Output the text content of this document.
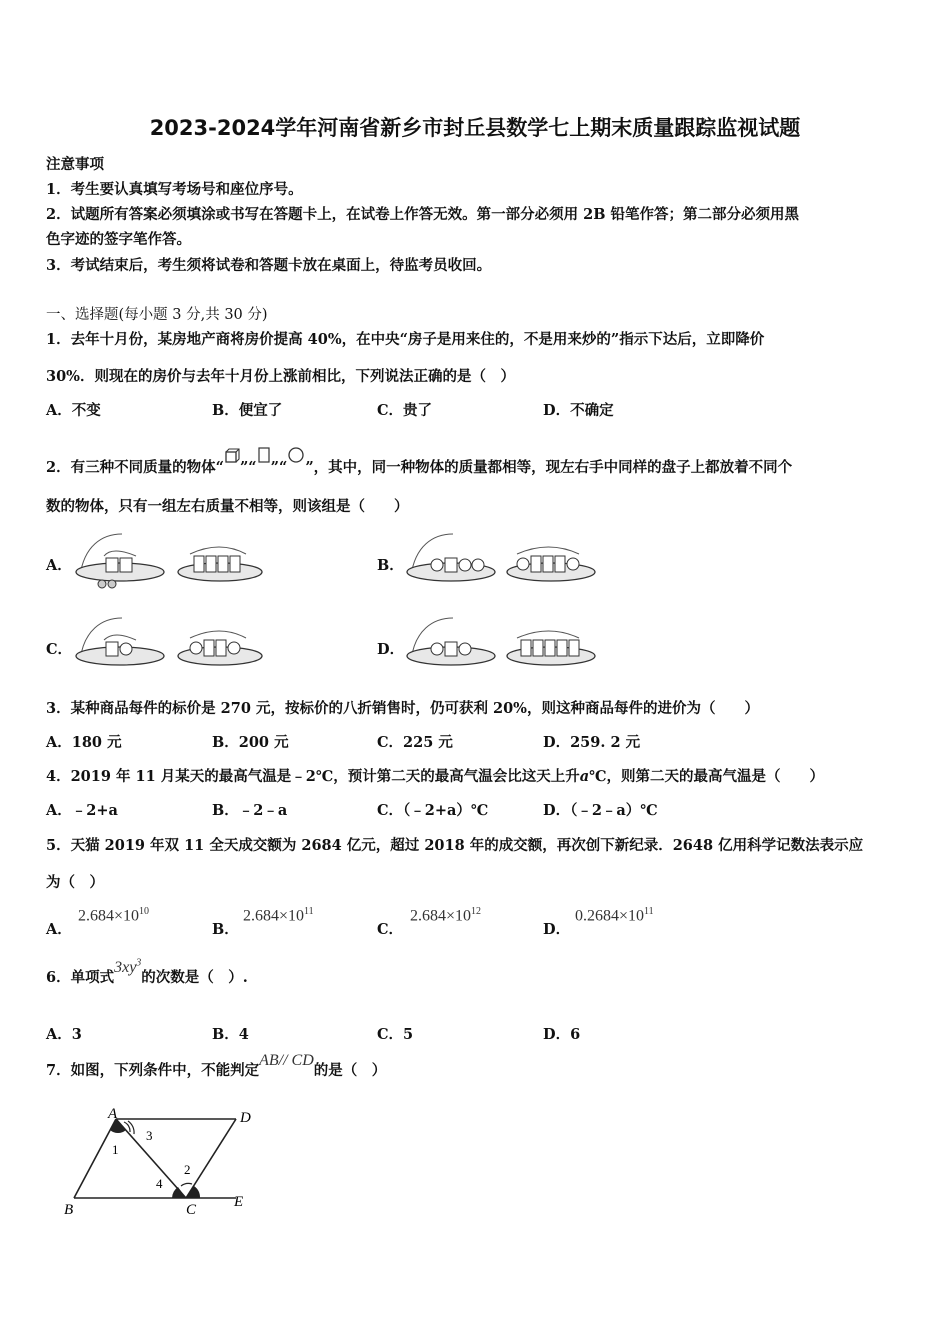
2023-2024学年河南省新乡市封丘县数学七上期末质量跟踪监视试题
注意事项
1．考生要认真填写考场号和座位序号。
2．试题所有答案必须填涂或书写在答题卡上，在试卷上作答无效。第一部分必须用 2B 铅笔作答；第二部分必须用黑
色字迹的签字笔作答。
3．考试结束后，考生须将试卷和答题卡放在桌面上，待监考员收回。
一、选择题(每小题 3 分,共 30 分)
1．去年十月份，某房地产商将房价提高 40%，在中央“房子是用来住的，不是用来炒的”指示下达后，立即降价
30%．则现在的房价与去年十月份上涨前相比，下列说法正确的是（　）
A．不变	B．便宜了	C．贵了	D．不确定
2．有三种不同质量的物体“ ”“ ”“ ”，其中，同一种物体的质量都相等，现左右手中同样的盘子上都放着不同个
数的物体，只有一组左右质量不相等，则该组是（　　）
A．	B．
C．	D．
3．某种商品每件的标价是 270 元，按标价的八折销售时，仍可获利 20%，则这种商品每件的进价为（　　）
A．180 元	B．200 元	C．225 元	D．259. 2 元
4．2019 年 11 月某天的最高气温是﹣2℃，预计第二天的最高气温会比这天上升a℃，则第二天的最高气温是（　　）
A．﹣2+a	B．﹣2﹣a	C．（﹣2+a）℃	D．（﹣2﹣a）℃
5．天猫 2019 年双 11 全天成交额为 2684 亿元，超过 2018 年的成交额，再次创下新纪录．2648 亿用科学记数法表示应
为（　）
A．
$2.684\times 10^{10}$
B．
$2.684\times 10^{11}$
C．
$2.684\times 10^{12}$
D．
$0.2684\times 10^{11}$
6．单项式$3xy^3$的次数是（　）.
A．3	B．4	C．5	D．6
7．如图，下列条件中，不能判定AB// CD的是（　）
A	D
B	C	E
1
3
2
4
